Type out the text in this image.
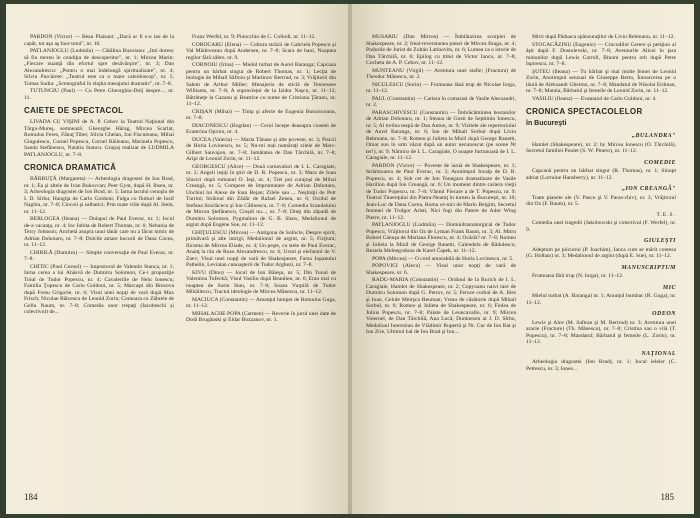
PARDON (Victor) — Beau Plaisant: „Dacă ar fi s-o iau de la capăt, tot aşa aş face totul", nr. 10.

PATLANJOGLU (Ludmila) — Cătălina Buzoianu: „Imi doresc să fiu mereu în condiţia de descoperitor", nr. 1; Mircea Marin: „Fiecare nuanţă din efortul spre desăvârşire", nr. 3; Dan Alexandrescu: „Pentru o mai îndelungă spiritualizare", nr. 4; Silviu Purcărete: „Teatrul este ca o mare caleidoscop", nr. 5; Tomas Sudia: „Scenograful în slujba mesajului dramatic", nr. 7–8.

TUTUNGIU (Paul) — Cu Petre Gheorghiu-Dolj despre..., nr. 11.

CAIETE DE SPECTACOL

LIVADA CU VIŞINI de A. P. Cehov la Teatrul Naţional din Târgu-Mureş, semnează: Gheorghe Hărag, Mircea Scarlat, Romulus Feres, Fănuţ Tiber, Silvia Ghelan, Ion Fiscuteanu, Mihai Gingulescu, Cornel Popescu, Cornel Răileanu, Marinela Popescu, Sanda Stefănescu, Natalia Stancu. Grupaj realizat de LUDMILA PATLANJOGLU, nr. 7–8.

CRONICA DRAMATICĂ

BĂRBUŢĂ (Margareta) — Arheologia dragostei de Ion Brad, nr. 1; Ea şi altele de Ivan Bukovcan; Peer Gynt, după H. Ibsen, nr. 3; Arheologia dragostei de Ion Brad, nr. 5; Iarna lacului cenuşiu de I. D. Sîrbu; Hangiţa de Carlo Goldoni; Fulga cu flutturi de Iosif Naghiu, nr. 7–8; Ciocoii şi salbatici; Prin toate viile după Al. Stein, nr. 11–12.

BERLOGEA (Ileana) — Dulapul de Paul Everac, nr. 1; Jocul de-a vacanţa, nr. 4; Ioc Iubita de Robert Thomas, nr. 6; Nebunia de Terry Johnson; Anchetă asupra unui tânăr care nu a făcut nimic de Adrian Dohotaru, nr. 7–8; Dulcile amare bucurii de Dana Cocea, nr. 11–12.

CHIRILĂ (Dumitru) — Simple conversaţie de Paul Everac, nr. 7–8.

CHITIC (Paul Cornel) — Impostorul de Valentin Stanca, nr. 1; Iarna cerea a lui Ahăsvă de Dumitru Solomon, Ce-i propoziţie Toiul de Tudor Popescu, nr. 4; Cavaleriile de Nelu Ionescu; Familia Ţopescu de Carlo Goldoni, nr. 5; Marcaşti din Brezova după Fresu Grigorie, nr. 6; Visul unei nopţi de vară după Max Frisch; Nicolae Bălcescu de Leonid Zorin; Comoara cu Zăbrele de Gellu Naum, nr. 7–8; Comedia unor trepaţi (Iacobeschi şi colectivul) de...

Franz Werfel, nr. 9; Pinocchio de C. Collodi, nr. 11–12.

COROCARU (Elena) — Cultura străzii de Gabriela Popescu şi Val Mădoveanu după Andersen, nr. 7–8; Scara de bani, Noaptea regilor fără zâbre, nr. 9.

CORNOIU (Irina) — Mielul turbat de Aurel Baranga; Capcana pentru un bărbat singur de Robert Thomas, nr. 1; Lecţia de biologie de Mihail Săftoiu şi Martinov Bertrud, nr. 3; Vrăjitorii din Salem de Arthur Miller; Menajeria de sticlă de Tennessee Williams, nr. 7–8; A supraviețui de la Izidor Naşcu, nr. 11–12; Bătrâneţe la Cazanu şi Beatrice cu nume de Cristiana Ţăranu, nr. 11–12.

CRIŞAN (Mihai) — Timp şi afecte de Eugenia Busuioceanu, nr. 7–8.

DIACONESCU (Bogdan) — Cerul începe deasupra coastei de Ecaterina Oproiu, nr. 4.

DUCEA (Valeria) — Maria Tănase şi alte poveste, nr. 3; Pisicii de Horia Lovinescu, nr. 5; Nu-mi mai număraţi zilele de Marc-Gilbert Sauvajon, nr. 7–8; Jumătatea de Dan Tărchilă, nr. 7–8; Aripi de Leonid Zorin, nr. 11–12.

GEORGESCU (Alice) — Două carnavaluri de I. L. Caragiale, nr. 2; Angeli ieşiţi în ştiri de D. R. Popescu, nr. 3; Mara de Ioan Slavici după romanul O. Ieşi, nr. 4; Trei pui curajoşi de Mihai Creangă, nr. 5; Compere de împrumutare de Adrian Dohotaru, Unchiul lui Alexe de Ioan Bejan; Zilele sau ... Neştiuţii de Petr Turrini; Străinul din Zădăr de Rafael Zenea, nr. 6; Ocolul de Stefana Stoclăcecu şi Ion Călinescu, nr. 7–8; Comedia Scandalului de Mircea Ştefănescu, Ciuşdi nu..., nr. 7–8; Dinţi din zăpadă de Dumitru Solomon, Pygmalion de G. B. Shaw, Medalionul de argint după Eugène Sue, nr. 11–12.

GHIŢULESCU (Mircea) — Antigona de Sofocle, Despre spirit, primăvară şi alte intrigi; Medalionul de argint, nr. 5; Ficţiuni; Ilicenta de Mircea Eliade, nr. 4; Un peşte, cu stele de Paul Everac, Ananţ la râu de Rusu Alexandrescu, nr. 6; Ursul şi elefantul de V. Zaev; Visul unei nopţi de vară de Shakespeare, Farsa Jupanului Pathelin, Leviatan cunoaşterii de Tudor Arghezi, nr. 7–8.

KIVU (Dinu) — Jocul de Ion Băieşu, nr. 5; Din Tunul de Valentina Tufeckă; Visul Vasiliu după Beaulieu, nr. 6; Erau mai cu noaptea de Sorin Stan, nr. 7–8; Sozea Vurpilă de Tudor Mihăilescu, Tractul ideologie de Mircea Mănescu, nr. 11–12.

MACIUCA (Constantin) — Amanţul lumpet de Romulus Guga, nr. 11–12.

MIHALACHE POPA (Carmen) — Reverie în jurul unei date de Dodi Brugănski şi Eldar Bozzanov, nr. 1.

184

MUSARIU (Dan Mircea) — Îmblânzirea scorpiei de Shakespeare, nr. 2; Ireal-reversiunea piesei de Mircea Braga, nr. 4; Podurile de Jurist de Zoltán Latinovits, nr. 6; Lumea ca o istorie de Dan Tărchilă, nr. 6; Epilog cu titlul de Victor Iancu, nr. 7–8; Cocheta de A. P. Cehov, nr. 11–12.

MUNTEANU (Virgil) — Aventura unei stafie; (Fractura) de Theodor Mănescu, nr. 2.

NICULESCU (Sorin) — Frumoasa lână trup de Nicolae Iorga, nr. 11–12.

PAUL (Constantin) — Cariera în comarasi de Vasile Alecsandri, nr. 2.

PARASCHIVESCU (Constantin) — Îmbrăcămintea bostanilor de Adrian Dohotaru, nr. 1; Steaua de Gosti de Septimiu Ionescu, nr. 5; Al treilea teapă de Dan Anton, nr. 9; Vizitele ale repertoriului de Aurel Baranga, nr. 6; Ion de Mihail Sorbul după Liviu Rebreanu, nr. 7–8; Romeo şi Julieta la Mizil după George Ranetti, Omar suu în urm văzut după un autor necunoscut (pe scene Nt ter!), nr. 9; Nămico de I. L. Caragiale, O noapte furtunoasă de I. L. Caragiale, nr. 11–12.

PARDON (Victor) — Poveste de iarnă de Shakespeare, nr. 1; Strâmtoarea de Paul Everac, nr. 3; Anotimpul Incalp de D. R. Popescu, nr. 4; Sub cer de Ion Tonegaru dramatizare de Vasile Harillon după Ion Creangă, nr. 6; Un moment dintre cariera vieţii de Tudor Popescu, nr. 7–8; Vântul Fiecare a de T. Popescu, nr. 9; Teatrul Tinereţului din Piatra-Neamţ în turneu la București, nr. 10; Jean-Luc de Dana Cocea, Roma ce-nici de Marin Belgim, Secretul femmei de Trolgor Aristi, Nici fugi din Patere de Ador Wing Pierre, nr. 11–12.

PATLANJOGLU (Ludmila) — Domnidramaturgical de Tudor Popescu, Vrăjitorul din Oz de Lyman Frank Baum, nr. 3; Al. Mitru Bobrel Cănuşa de Mariana Florescu, nr. 4; Ocărât? nr. 7–8; Romeo şi Julieta la Mizil de George Ranetti, Calendela de Rădulescu; Rezeda Melnegoduna de Karel Čapek, nr. 11–12.

POPA (Mircea) — O cord amorabilă de Horia Lovinescu, nr. 5.

POPOVICI (Alecu) — Visul unor nopţi de vară de Shakespeare, nr. 6.

RADU-MARIA (Constantin) — Ordinul de la Rurich de I. L. Caragiale, Hamlet de Shakespeare, nr. 2; Copyoanu naivi tare de Dumitru Solomon după G. Petrov, nr. 5; Feroce corbul de A. Ilies şi Ioan, Gelule Meirşca Reuman; Vreau de căsătorie după Mihail Sorbul, nr. 6; Romeo şi Julieta de Shakespeare, nr. 6; Fiolea de Julius Popescu, nr. 7–8; Paiate de Leoncavallo, nr. 9; Mircea Voiernel, de Dan Tărchilă, Ana Lucă; Dumnezeu ai J. D. Sîrbu, Medalionl Iuterezian de Vlădimir Rupertă şi Nr. Cur de Ion Bat şi Ion Zrie, Ultimul bal de Ion Brad şi Ion...

Mirri după Păduaca spânzuraţilor de Liviu Rebreanu, nr. 11–12.

STOCACĂZINU (Eugenio) — Crocodilul Cerere şi petiţion al ăşit după F. Dostoievski, nr. 7–8; Aventurile Alicei în ţara minunilor după Lewis Carroll, Binom pentru orb după Petre Ispirescu, nr. 7–8.

ŞUTEU (Ileana) — Tu bărbat şi mai multe femei de Leonid Zorin, Anotimpul senzual de Giuseppe Berto, Întoarcerea pe o lăură de Aleksandr Gheimn, nr. 7–8; Mandatul de Nikolai Erdman, nr. 7–8; Mantia, Bărbatul şi femeile de Leonid Zorin, nr. 11–12.

VASILIU (Ileana) — Evantaiul de Carlo Goldoni, nr. 4.

CRONICA SPECTACOLELOR
în Bucureşti
„BULANDRA"

Hamlet (Shakespeare), nr. 2; by Mircea Ionescu (O. Tărchilă), Secretul familiei Poulet (S. W. Pinero), nr. 11–12.

COMEDIE

Capcană pentru un bărbat singur (R. Thomas), nr. 1; Sinopt adriat (Lorraine Hansberry), nr. 11–12.

„ION CREANGĂ"

Toate planete ale (V. Pascu şi V. Paras-chiv), nr. 3; Vrăjitorul din Oz (F. Baum), nr. 5.

T.E.S.

Comedia unei tragedii (Jakobowski şi colectivul (F. Werfel), nr. 9.

GIULEŞTI

Adeptum pe piiciorui (P. Ioachim), Ianca cum se mărit contesa (G. Holban) nr. 3; Medalionul de argint (după E. Sue), nr. 11–12.

MANUSCRIPTUM

Frumoasa fără trup (N. Iorga), nr. 11–12.

MIC

Mielul turbat (A. Baranga) nr. 1; Anunţul bumbac (R. Guga), nr. 11–12.

ODEON

Lewis şi Alce (M. Saftran şi M. Bertrud) nr. 3; Aventura unei aracie (Fracture) (Th. Mănescu), nr. 7–8; Cristina sau o vilă (T. Popescu), nr. 7–8; Mandatul; Bărbatul şi femeile (L. Zorin), nr. 11–12.

NAŢIONAL

Arheologia dragostei (Ion Brad), nr. 1; Jocul ielelor (C. Petrescu, nr. 3; Iones...

185
